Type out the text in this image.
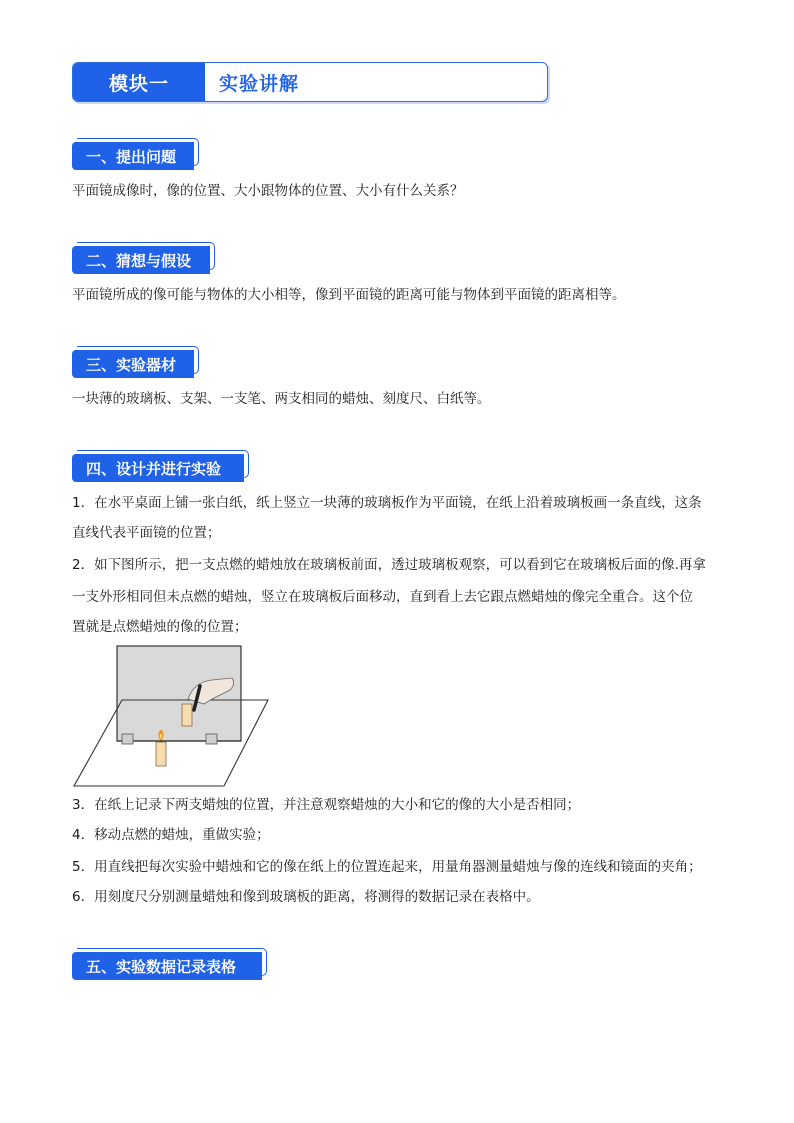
模块一	实验讲解
一、提出问题
平面镜成像时，像的位置、大小跟物体的位置、大小有什么关系？
二、猜想与假设
平面镜所成的像可能与物体的大小相等，像到平面镜的距离可能与物体到平面镜的距离相等。
三、实验器材
一块薄的玻璃板、支架、一支笔、两支相同的蜡烛、刻度尺、白纸等。
四、设计并进行实验
1．在水平桌面上铺一张白纸，纸上竖立一块薄的玻璃板作为平面镜，在纸上沿着玻璃板画一条直线，这条
直线代表平面镜的位置；
2．如下图所示，把一支点燃的蜡烛放在玻璃板前面，透过玻璃板观察，可以看到它在玻璃板后面的像.再拿
一支外形相同但未点燃的蜡烛，竖立在玻璃板后面移动，直到看上去它跟点燃蜡烛的像完全重合。这个位
置就是点燃蜡烛的像的位置；
3．在纸上记录下两支蜡烛的位置，并注意观察蜡烛的大小和它的像的大小是否相同；
4．移动点燃的蜡烛，重做实验；
5．用直线把每次实验中蜡烛和它的像在纸上的位置连起来，用量角器测量蜡烛与像的连线和镜面的夹角；
6．用刻度尺分别测量蜡烛和像到玻璃板的距离，将测得的数据记录在表格中。
五、实验数据记录表格
